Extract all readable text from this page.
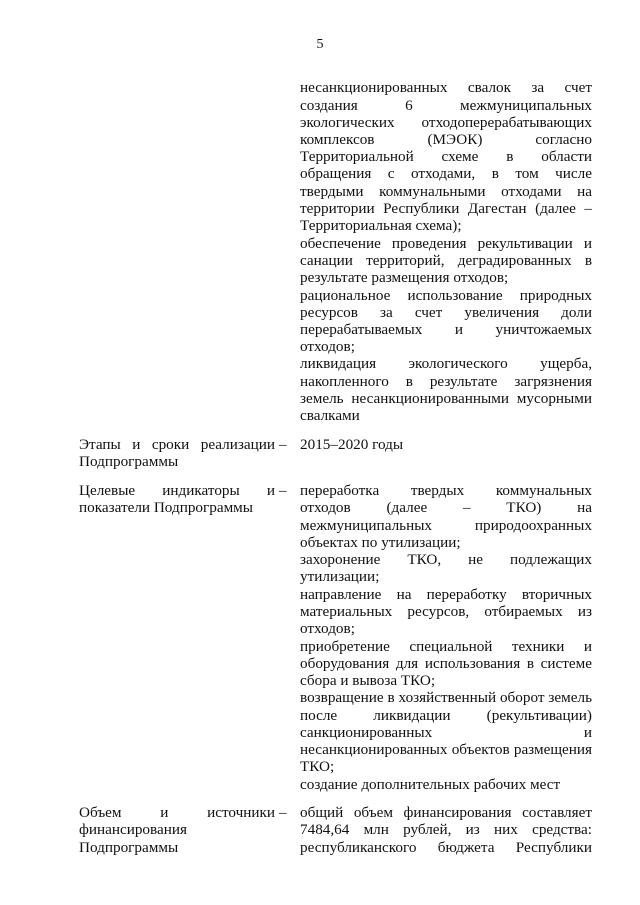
5
несанкционированных свалок за счет
создания 6 межмуниципальных
экологических отходоперерабатывающих
комплексов (МЭОК) согласно
Территориальной схеме в области
обращения с отходами, в том числе
твердыми коммунальными отходами на
территории Республики Дагестан (далее –
Территориальная схема);
обеспечение проведения рекультивации и
санации территорий, деградированных в
результате размещения отходов;
рациональное использование природных
ресурсов за счет увеличения доли
перерабатываемых и уничтожаемых
отходов;
ликвидация экологического ущерба,
накопленного в результате загрязнения
земель несанкционированными мусорными
свалками
Этапы и сроки реализации
Подпрограммы
– 2015–2020 годы
Целевые индикаторы и
показатели Подпрограммы
– переработка твердых коммунальных
отходов (далее – ТКО) на
межмуниципальных природоохранных
объектах по утилизации;
захоронение ТКО, не подлежащих
утилизации;
направление на переработку вторичных
материальных ресурсов, отбираемых из
отходов;
приобретение специальной техники и
оборудования для использования в системе
сбора и вывоза ТКО;
возвращение в хозяйственный оборот земель
после ликвидации (рекультивации)
санкционированных и
несанкционированных объектов размещения
ТКО;
создание дополнительных рабочих мест
Объем и источники
финансирования
Подпрограммы
– общий объем финансирования составляет
7484,64 млн рублей, из них средства:
республиканского бюджета Республики
